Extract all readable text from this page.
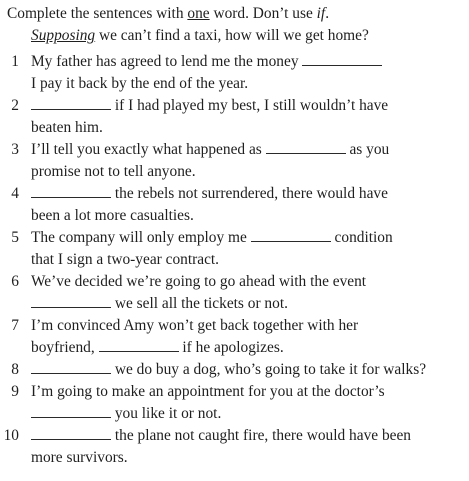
Complete the sentences with one word. Don’t use if.
Supposing we can’t find a taxi, how will we get home?
1 My father has agreed to lend me the money
I pay it back by the end of the year.
2	if I had played my best, I still wouldn’t have
beaten him.
3 I’ll tell you exactly what happened as	as you
promise not to tell anyone.
4	the rebels not surrendered, there would have
been a lot more casualties.
5 The company will only employ me	condition
that I sign a two-year contract.
6 We’ve decided we’re going to go ahead with the event
we sell all the tickets or not.
7 I’m convinced Amy won’t get back together with her
boyfriend,	if he apologizes.
8	we do buy a dog, who’s going to take it for walks?
9 I’m going to make an appointment for you at the doctor’s
you like it or not.
10	the plane not caught fire, there would have been
more survivors.
